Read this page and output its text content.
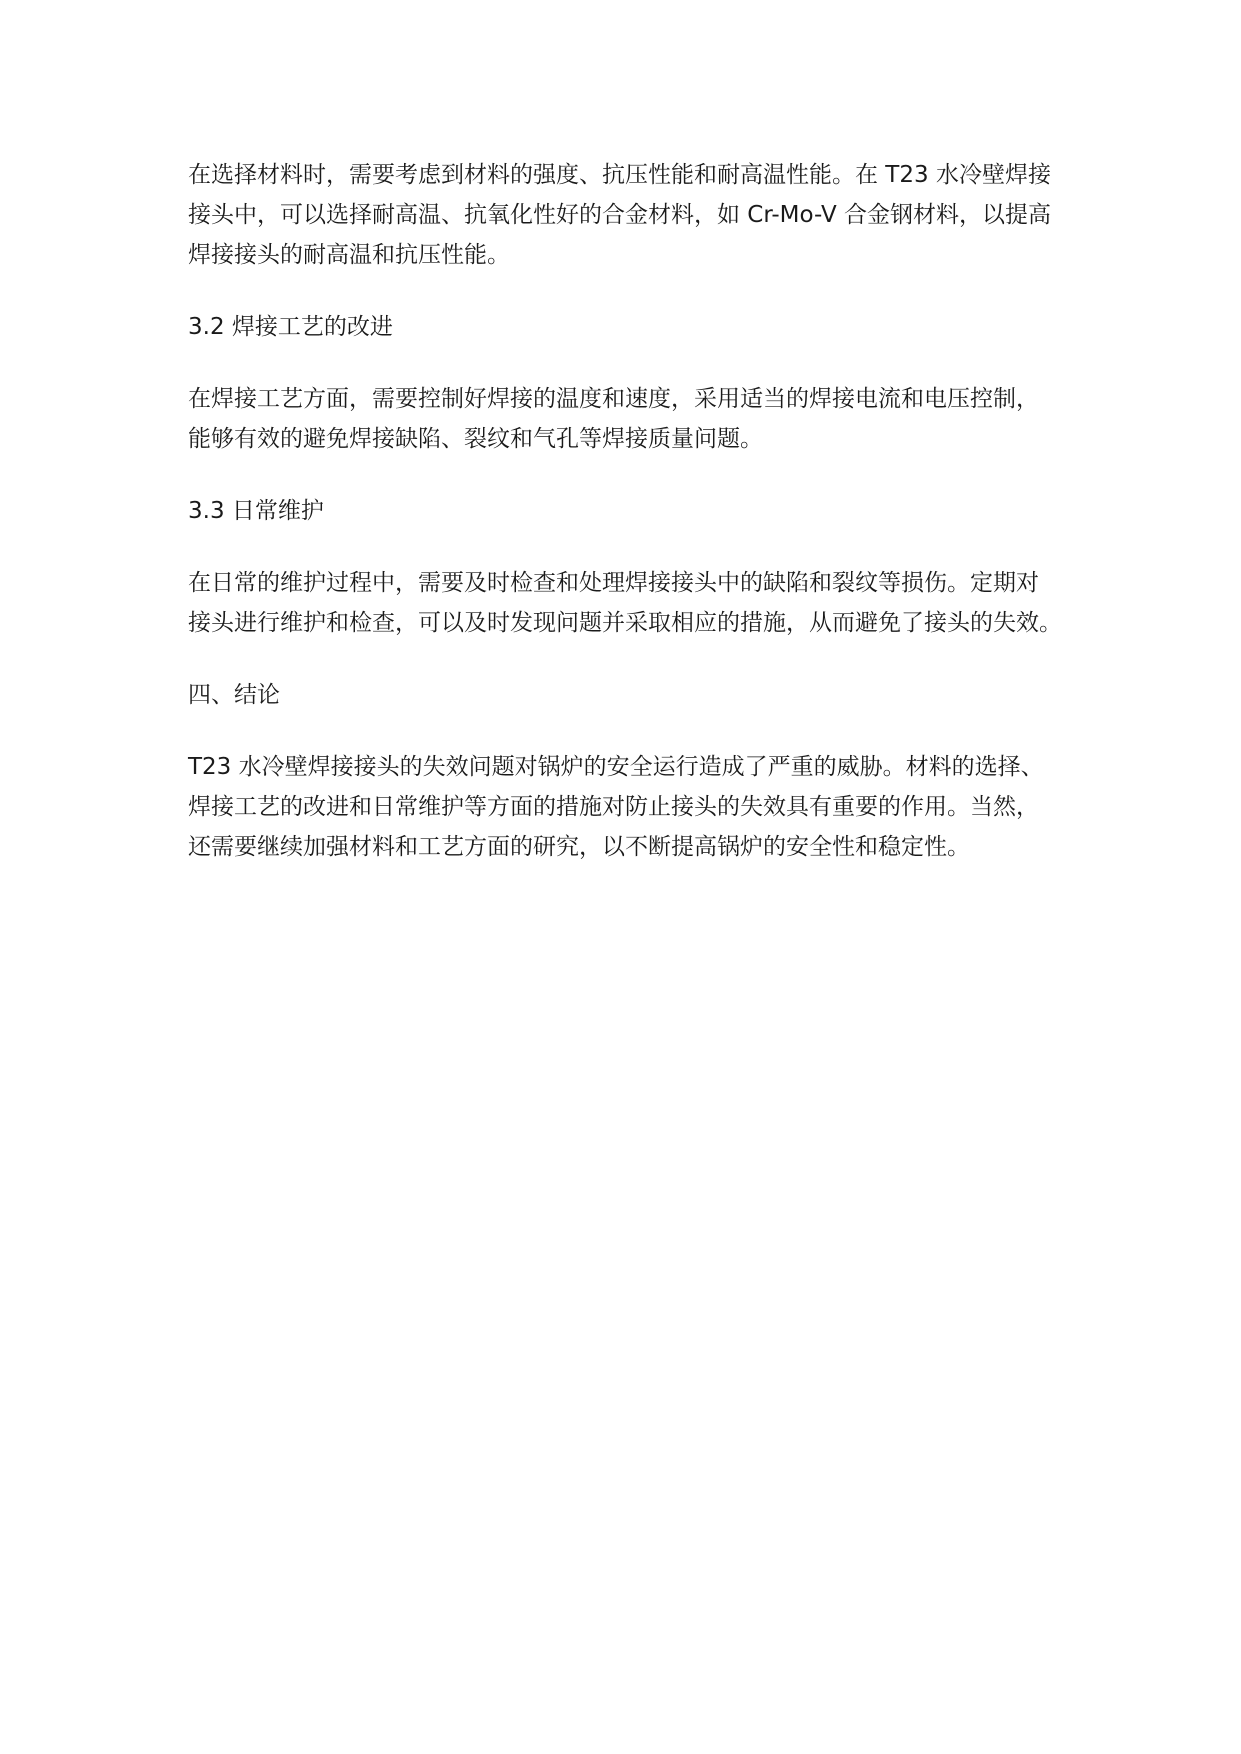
在选择材料时，需要考虑到材料的强度、抗压性能和耐高温性能。在 T23 水冷壁焊接
接头中，可以选择耐高温、抗氧化性好的合金材料，如 Cr-Mo-V 合金钢材料，以提高
焊接接头的耐高温和抗压性能。

3.2 焊接工艺的改进

在焊接工艺方面，需要控制好焊接的温度和速度，采用适当的焊接电流和电压控制，
能够有效的避免焊接缺陷、裂纹和气孔等焊接质量问题。

3.3 日常维护

在日常的维护过程中，需要及时检查和处理焊接接头中的缺陷和裂纹等损伤。定期对
接头进行维护和检查，可以及时发现问题并采取相应的措施，从而避免了接头的失效。

四、结论

T23 水冷壁焊接接头的失效问题对锅炉的安全运行造成了严重的威胁。材料的选择、
焊接工艺的改进和日常维护等方面的措施对防止接头的失效具有重要的作用。当然，
还需要继续加强材料和工艺方面的研究，以不断提高锅炉的安全性和稳定性。
